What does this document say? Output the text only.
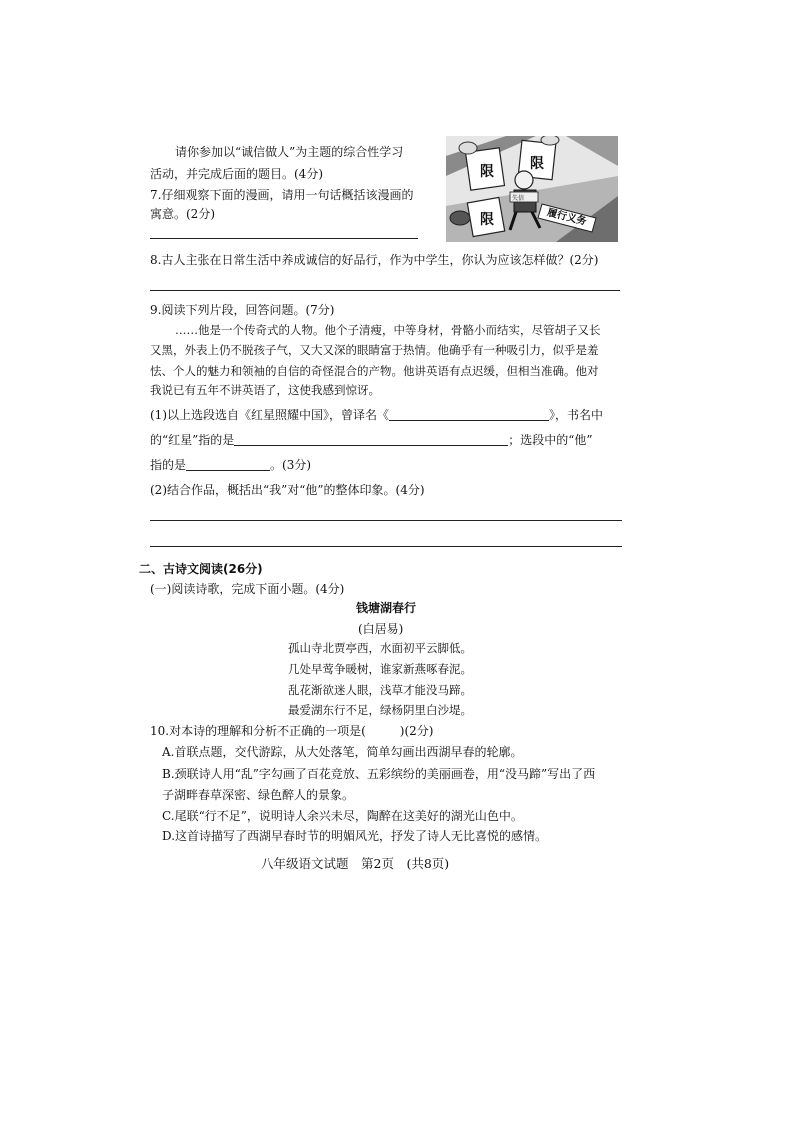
请你参加以“诚信做人”为主题的综合性学习
活动，并完成后面的题目。(4分)
7.仔细观察下面的漫画，请用一句话概括该漫画的
寓意。(2分)
限	限
限
失信
履行义务
8.古人主张在日常生活中养成诚信的好品行，作为中学生，你认为应该怎样做？(2分)
9.阅读下列片段，回答问题。(7分)
……他是一个传奇式的人物。他个子清瘦，中等身材，骨骼小而结实，尽管胡子又长
又黑，外表上仍不脱孩子气，又大又深的眼睛富于热情。他确乎有一种吸引力，似乎是羞
怯、个人的魅力和领袖的自信的奇怪混合的产物。他讲英语有点迟缓，但相当准确。他对
我说已有五年不讲英语了，这使我感到惊讶。
(1)以上选段选自《红星照耀中国》，曾译名《	》，书名中
的“红星”指的是	；选段中的“他”
指的是	。(3分)
(2)结合作品，概括出“我”对“他”的整体印象。(4分)
二、古诗文阅读(26分)
(一)阅读诗歌，完成下面小题。(4分)
钱塘湖春行
(白居易)
孤山寺北贾亭西，水面初平云脚低。
几处早莺争暖树，谁家新燕啄春泥。
乱花渐欲迷人眼，浅草才能没马蹄。
最爱湖东行不足，绿杨阴里白沙堤。
10.对本诗的理解和分析不正确的一项是(	)(2分)
A.首联点题，交代游踪，从大处落笔，简单勾画出西湖早春的轮廓。
B.颈联诗人用“乱”字勾画了百花竞放、五彩缤纷的美丽画卷，用“没马蹄”写出了西
子湖畔春草深密、绿色醉人的景象。
C.尾联“行不足”，说明诗人余兴未尽，陶醉在这美好的湖光山色中。
D.这首诗描写了西湖早春时节的明媚风光，抒发了诗人无比喜悦的感情。
八年级语文试题　第2页　(共8页)
